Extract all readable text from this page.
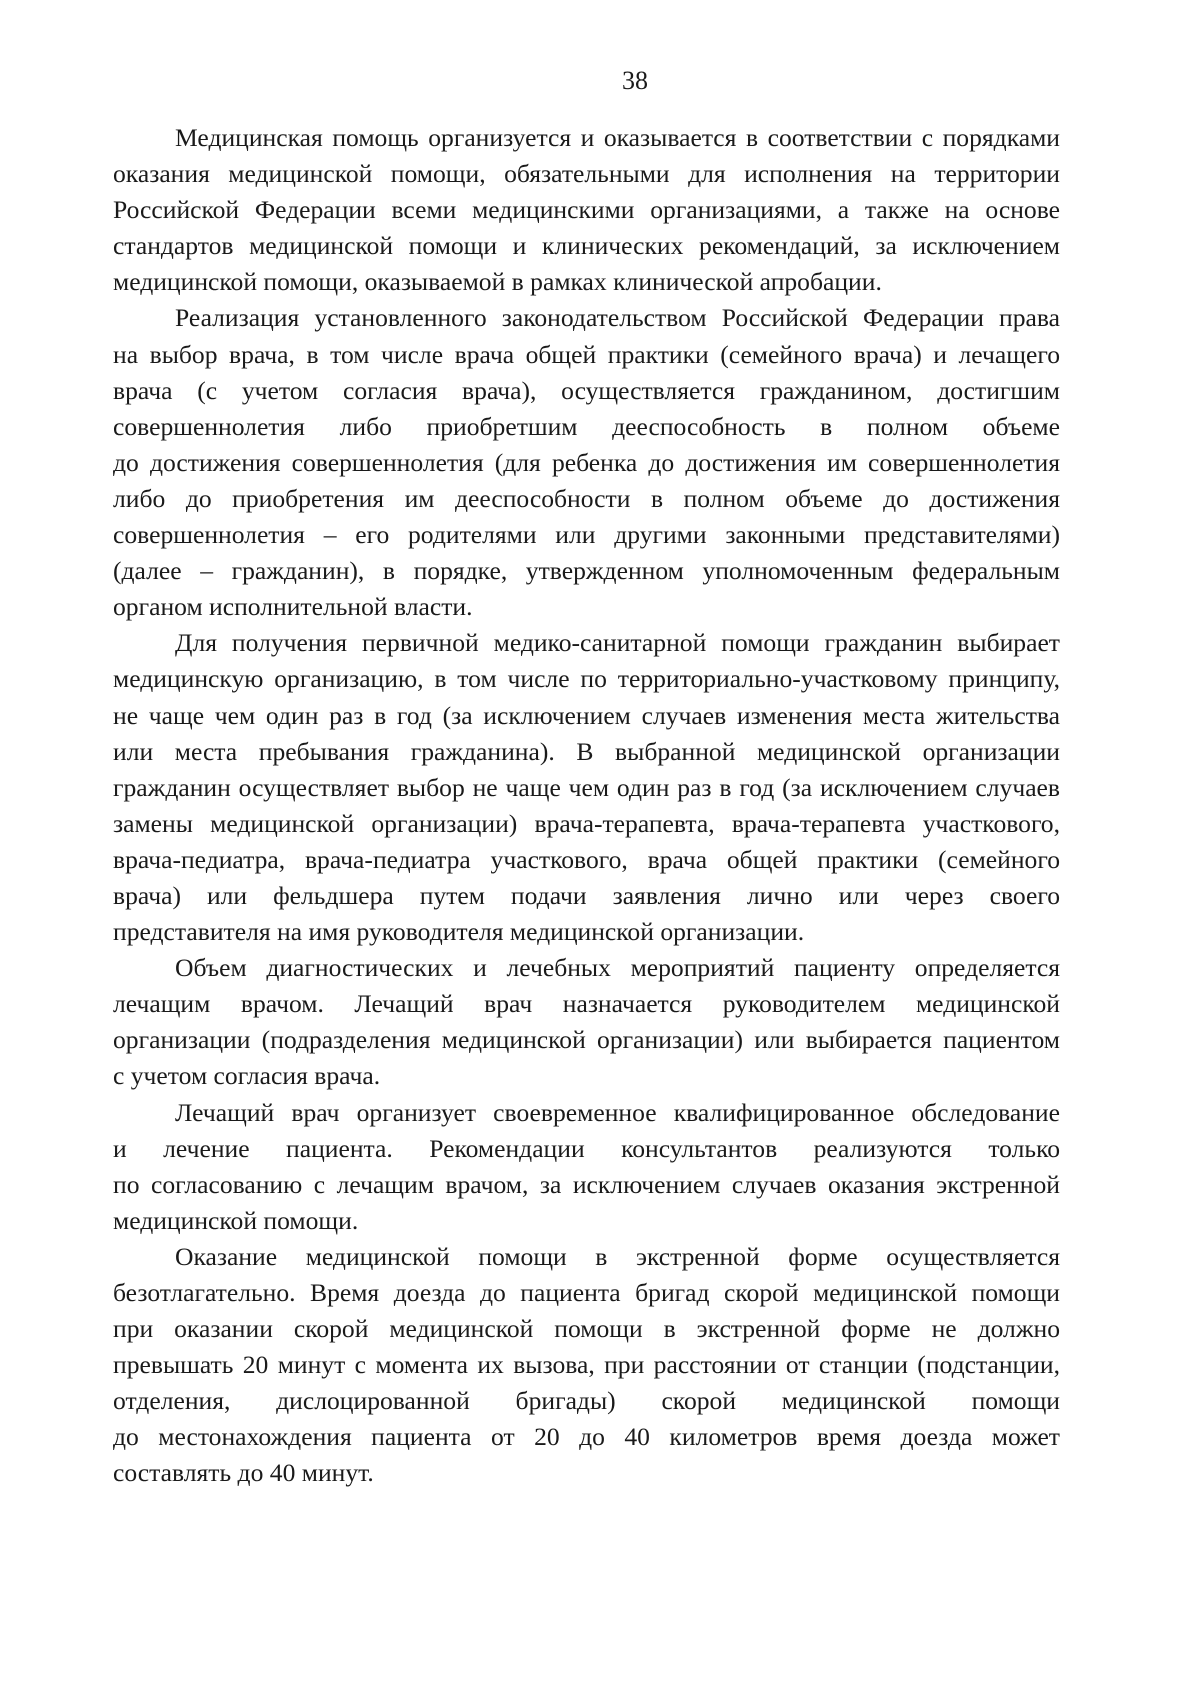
38

Медицинская помощь организуется и оказывается в соответствии с порядками
оказания медицинской помощи, обязательными для исполнения на территории
Российской Федерации всеми медицинскими организациями, а также на основе
стандартов медицинской помощи и клинических рекомендаций, за исключением
медицинской помощи, оказываемой в рамках клинической апробации.

Реализация установленного законодательством Российской Федерации права
на выбор врача, в том числе врача общей практики (семейного врача) и лечащего
врача (с учетом согласия врача), осуществляется гражданином, достигшим
совершеннолетия либо приобретшим дееспособность в полном объеме
до достижения совершеннолетия (для ребенка до достижения им совершеннолетия
либо до приобретения им дееспособности в полном объеме до достижения
совершеннолетия – его родителями или другими законными представителями)
(далее – гражданин), в порядке, утвержденном уполномоченным федеральным
органом исполнительной власти.

Для получения первичной медико-санитарной помощи гражданин выбирает
медицинскую организацию, в том числе по территориально-участковому принципу,
не чаще чем один раз в год (за исключением случаев изменения места жительства
или места пребывания гражданина). В выбранной медицинской организации
гражданин осуществляет выбор не чаще чем один раз в год (за исключением случаев
замены медицинской организации) врача-терапевта, врача-терапевта участкового,
врача-педиатра, врача-педиатра участкового, врача общей практики (семейного
врача) или фельдшера путем подачи заявления лично или через своего
представителя на имя руководителя медицинской организации.

Объем диагностических и лечебных мероприятий пациенту определяется
лечащим врачом. Лечащий врач назначается руководителем медицинской
организации (подразделения медицинской организации) или выбирается пациентом
с учетом согласия врача.

Лечащий врач организует своевременное квалифицированное обследование
и лечение пациента. Рекомендации консультантов реализуются только
по согласованию с лечащим врачом, за исключением случаев оказания экстренной
медицинской помощи.

Оказание медицинской помощи в экстренной форме осуществляется
безотлагательно. Время доезда до пациента бригад скорой медицинской помощи
при оказании скорой медицинской помощи в экстренной форме не должно
превышать 20 минут с момента их вызова, при расстоянии от станции (подстанции,
отделения, дислоцированной бригады) скорой медицинской помощи
до местонахождения пациента от 20 до 40 километров время доезда может
составлять до 40 минут.
